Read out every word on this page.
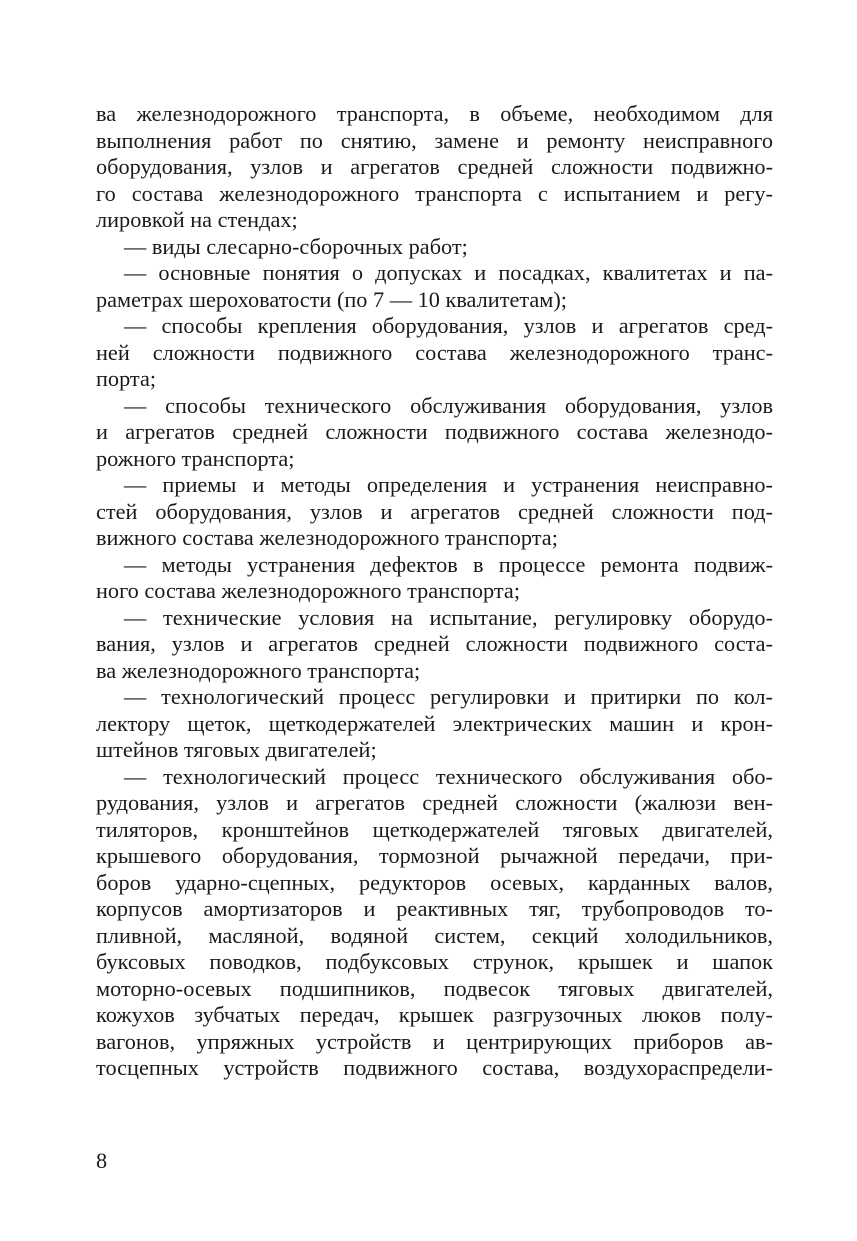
ва железнодорожного транспорта, в объеме, необходимом для
выполнения работ по снятию, замене и ремонту неисправного
оборудования, узлов и агрегатов средней сложности подвижно-
го состава железнодорожного транспорта с испытанием и регу-
лировкой на стендах;
— виды слесарно-сборочных работ;
— основные понятия о допусках и посадках, квалитетах и па-
раметрах шероховатости (по 7 — 10 квалитетам);
— способы крепления оборудования, узлов и агрегатов сред-
ней сложности подвижного состава железнодорожного транс-
порта;
— способы технического обслуживания оборудования, узлов
и агрегатов средней сложности подвижного состава железнодо-
рожного транспорта;
— приемы и методы определения и устранения неисправно-
стей оборудования, узлов и агрегатов средней сложности под-
вижного состава железнодорожного транспорта;
— методы устранения дефектов в процессе ремонта подвиж-
ного состава железнодорожного транспорта;
— технические условия на испытание, регулировку оборудо-
вания, узлов и агрегатов средней сложности подвижного соста-
ва железнодорожного транспорта;
— технологический процесс регулировки и притирки по кол-
лектору щеток, щеткодержателей электрических машин и крон-
штейнов тяговых двигателей;
— технологический процесс технического обслуживания обо-
рудования, узлов и агрегатов средней сложности (жалюзи вен-
тиляторов, кронштейнов щеткодержателей тяговых двигателей,
крышевого оборудования, тормозной рычажной передачи, при-
боров ударно-сцепных, редукторов осевых, карданных валов,
корпусов амортизаторов и реактивных тяг, трубопроводов то-
пливной, масляной, водяной систем, секций холодильников,
буксовых поводков, подбуксовых струнок, крышек и шапок
моторно-осевых подшипников, подвесок тяговых двигателей,
кожухов зубчатых передач, крышек разгрузочных люков полу-
вагонов, упряжных устройств и центрирующих приборов ав-
тосцепных устройств подвижного состава, воздухораспредели-
8
